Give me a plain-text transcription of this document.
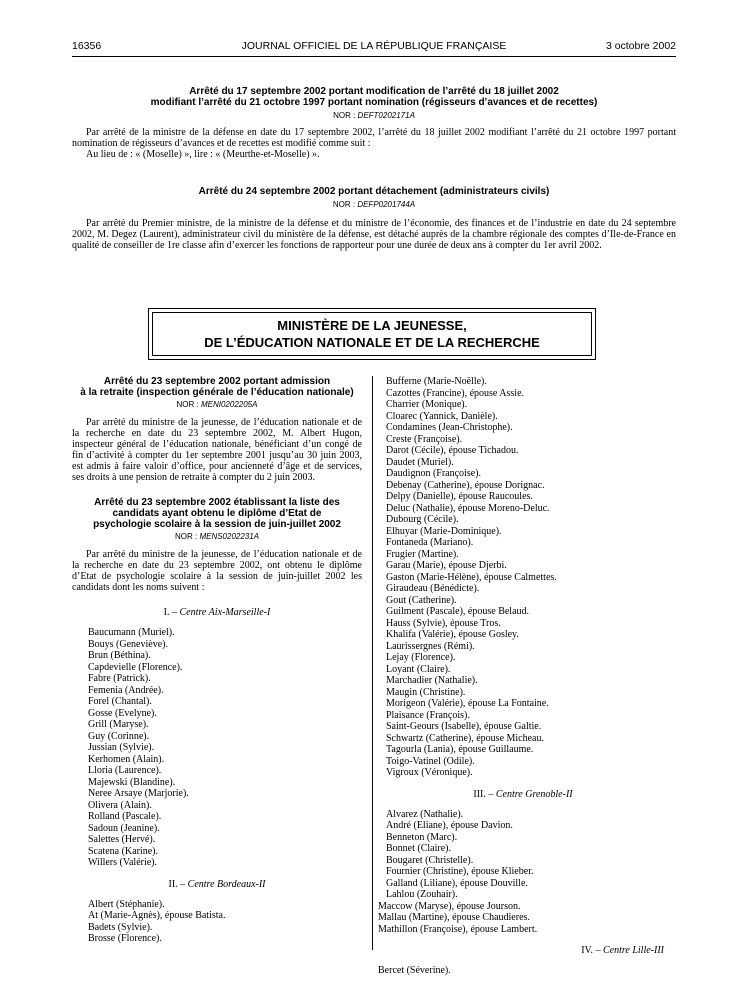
16356	JOURNAL OFFICIEL DE LA RÉPUBLIQUE FRANÇAISE	3 octobre 2002
Arrêté du 17 septembre 2002 portant modification de l’arrêté du 18 juillet 2002
modifiant l’arrêté du 21 octobre 1997 portant nomination (régisseurs d’avances et de recettes)
NOR : DEFT0202171A

Par arrêté de la ministre de la défense en date du 17 septembre 2002, l’arrêté du 18 juillet 2002 modifiant l’arrêté du 21 octobre 1997 portant nomination de régisseurs d’avances et de recettes est modifié comme suit :

Au lieu de : « (Moselle) », lire : « (Meurthe-et-Moselle) ».

Arrêté du 24 septembre 2002 portant détachement (administrateurs civils)
NOR : DEFP0201744A

Par arrêté du Premier ministre, de la ministre de la défense et du ministre de l’économie, des finances et de l’industrie en date du 24 septembre 2002, M. Degez (Laurent), administrateur civil du ministère de la défense, est détaché auprès de la chambre régionale des comptes d’Ile-de-France en qualité de conseiller de 1re classe afin d’exercer les fonctions de rapporteur pour une durée de deux ans à compter du 1er avril 2002.

MINISTÈRE DE LA JEUNESSE,
DE L’ÉDUCATION NATIONALE ET DE LA RECHERCHE
Arrêté du 23 septembre 2002 portant admission
à la retraite (inspection générale de l’éducation nationale)
NOR : MENI0202205A

Par arrêté du ministre de la jeunesse, de l’éducation nationale et de la recherche en date du 23 septembre 2002, M. Albert Hugon, inspecteur général de l’éducation nationale, bénéficiant d’un congé de fin d’activité à compter du 1er septembre 2001 jusqu’au 30 juin 2003, est admis à faire valoir d’office, pour ancienneté d’âge et de services, ses droits à une pension de retraite à compter du 2 juin 2003.

Arrêté du 23 septembre 2002 établissant la liste des
candidats ayant obtenu le diplôme d’Etat de
psychologie scolaire à la session de juin-juillet 2002
NOR : MENS0202231A

Par arrêté du ministre de la jeunesse, de l’éducation nationale et de la recherche en date du 23 septembre 2002, ont obtenu le diplôme d’Etat de psychologie scolaire à la session de juin-juillet 2002 les candidats dont les noms suivent :

I. – Centre Aix-Marseille-I
Baucumann (Muriel).
Bouys (Geneviève).
Brun (Béthina).
Capdevielle (Florence).
Fabre (Patrick).
Femenia (Andrée).
Forel (Chantal).
Gosse (Evelyne).
Grill (Maryse).
Guy (Corinne).
Jussian (Sylvie).
Kerhomen (Alain).
Lloria (Laurence).
Majewski (Blandine).
Neree Arsaye (Marjorie).
Olivera (Alain).
Rolland (Pascale).
Sadoun (Jeanine).
Salettes (Hervé).
Scatena (Karine).
Willers (Valérie).
II. – Centre Bordeaux-II
Albert (Stéphanie).
At (Marie-Agnès), épouse Batista.
Badets (Sylvie).
Brosse (Florence).
Bufferne (Marie-Noëlle).
Cazottes (Francine), épouse Assie.
Charrier (Monique).
Cloarec (Yannick, Danièle).
Condamines (Jean-Christophe).
Creste (Françoise).
Darot (Cécile), épouse Tichadou.
Daudet (Muriel).
Daudignon (Françoise).
Debenay (Catherine), épouse Dorignac.
Delpy (Danielle), épouse Raucoules.
Deluc (Nathalie), épouse Moreno-Deluc.
Dubourg (Cécile).
Elhuyar (Marie-Dominique).
Fontaneda (Mariano).
Frugier (Martine).
Garau (Marie), épouse Djerbi.
Gaston (Marie-Hélène), épouse Calmettes.
Giraudeau (Bénédicte).
Gout (Catherine).
Guilment (Pascale), épouse Belaud.
Hauss (Sylvie), épouse Tros.
Khalifa (Valérie), épouse Gosley.
Laurissergnes (Rémi).
Lejay (Florence).
Loyant (Claire).
Marchadier (Nathalie).
Maugin (Christine).
Morigeon (Valérie), épouse La Fontaine.
Plaisance (François).
Saint-Geours (Isabelle), épouse Galtie.
Schwartz (Catherine), épouse Micheau.
Tagourla (Lania), épouse Guillaume.
Toigo-Vatinel (Odile).
Vigroux (Véronique).
III. – Centre Grenoble-II
Alvarez (Nathalie).
André (Eliane), épouse Davion.
Benneton (Marc).
Bonnet (Claire).
Bougaret (Christelle).
Fournier (Christine), épouse Klieber.
Galland (Liliane), épouse Douville.
Lahlou (Zouhair).
Maccow (Maryse), épouse Jourson.
Mallau (Martine), épouse Chaudieres.
Mathillon (Françoise), épouse Lambert.
IV. – Centre Lille-III
Bercet (Séverine).
